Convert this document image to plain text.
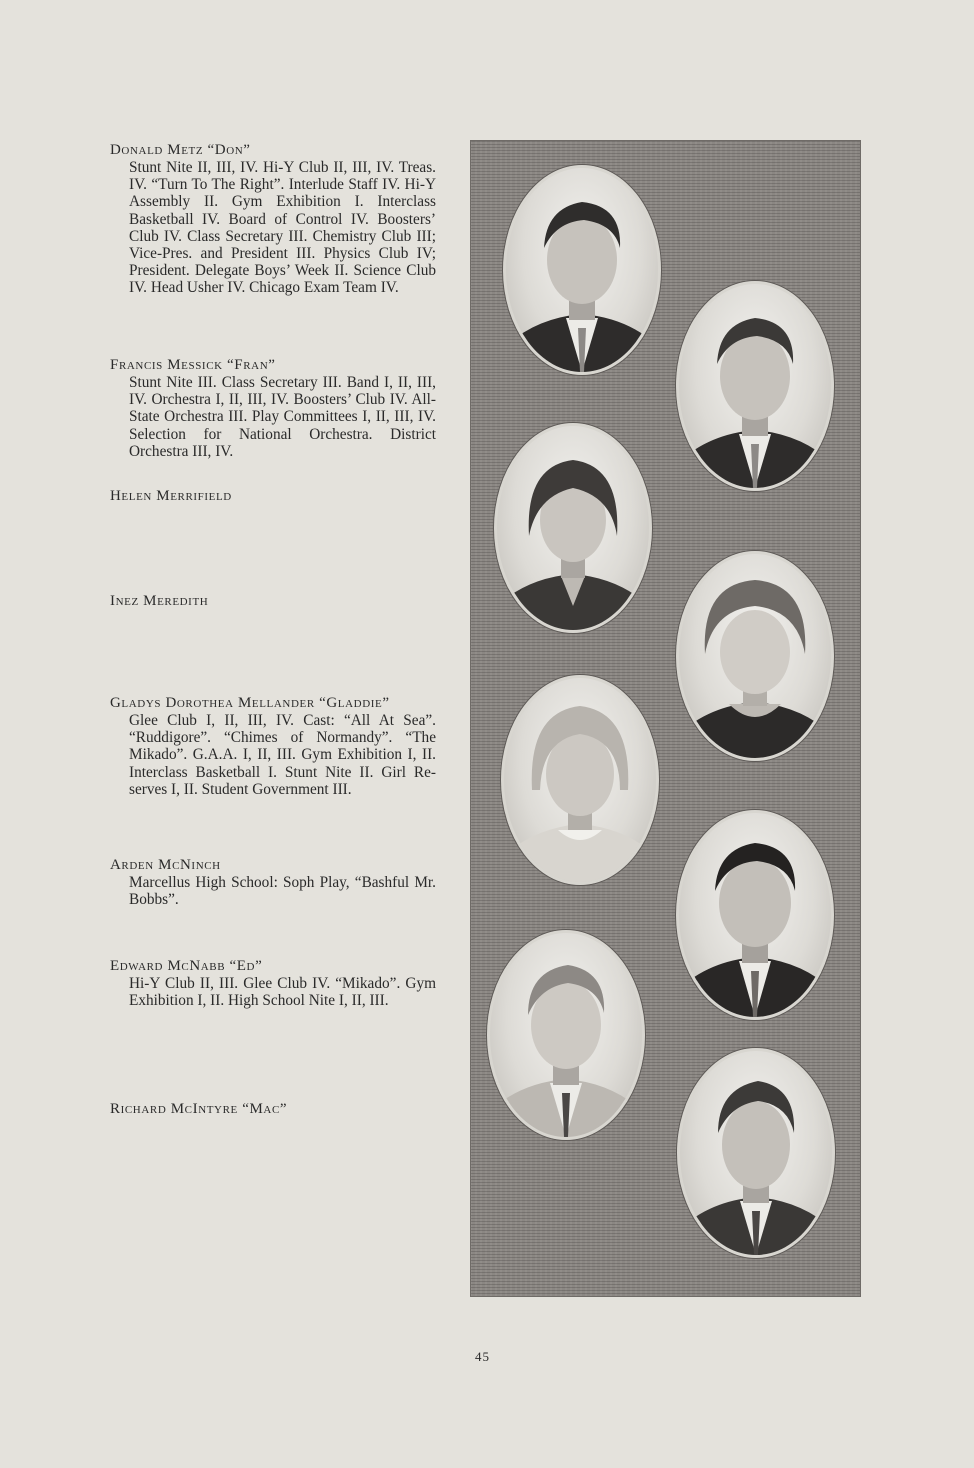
Donald Metz “Don”

Stunt Nite II, III, IV. Hi-Y Club II, III, IV. Treas. IV. “Turn To The Right”. Interlude Staff IV. Hi-Y Assembly II. Gym Exhibition I. Interclass Basketball IV. Board of Control IV. Boosters’ Club IV. Class Secretary III. Chemistry Club III; Vice-Pres. and President III. Physics Club IV; President. Delegate Boys’ Week II. Science Club IV. Head Usher IV. Chicago Exam Team IV.

Francis Messick “Fran”

Stunt Nite III. Class Secretary III. Band I, II, III, IV. Orchestra I, II, III, IV. Boosters’ Club IV. All-State Orchestra III. Play Committees I, II, III, IV. Selection for National Orchestra. District Orchestra III, IV.

Helen Merrifield

Inez Meredith

Gladys Dorothea Mellander “Gladdie”

Glee Club I, II, III, IV. Cast: “All At Sea”. “Ruddigore”. “Chimes of Normandy”. “The Mikado”. G.A.A. I, II, III. Gym Exhibition I, II. Interclass Basketball I. Stunt Nite II. Girl Reserves I, II. Student Government III.

Arden McNinch

Marcellus High School: Soph Play, “Bashful Mr. Bobbs”.

Edward McNabb “Ed”

Hi-Y Club II, III. Glee Club IV. “Mikado”. Gym Exhibition I, II. High School Nite I, II, III.

Richard McIntyre “Mac”

45
